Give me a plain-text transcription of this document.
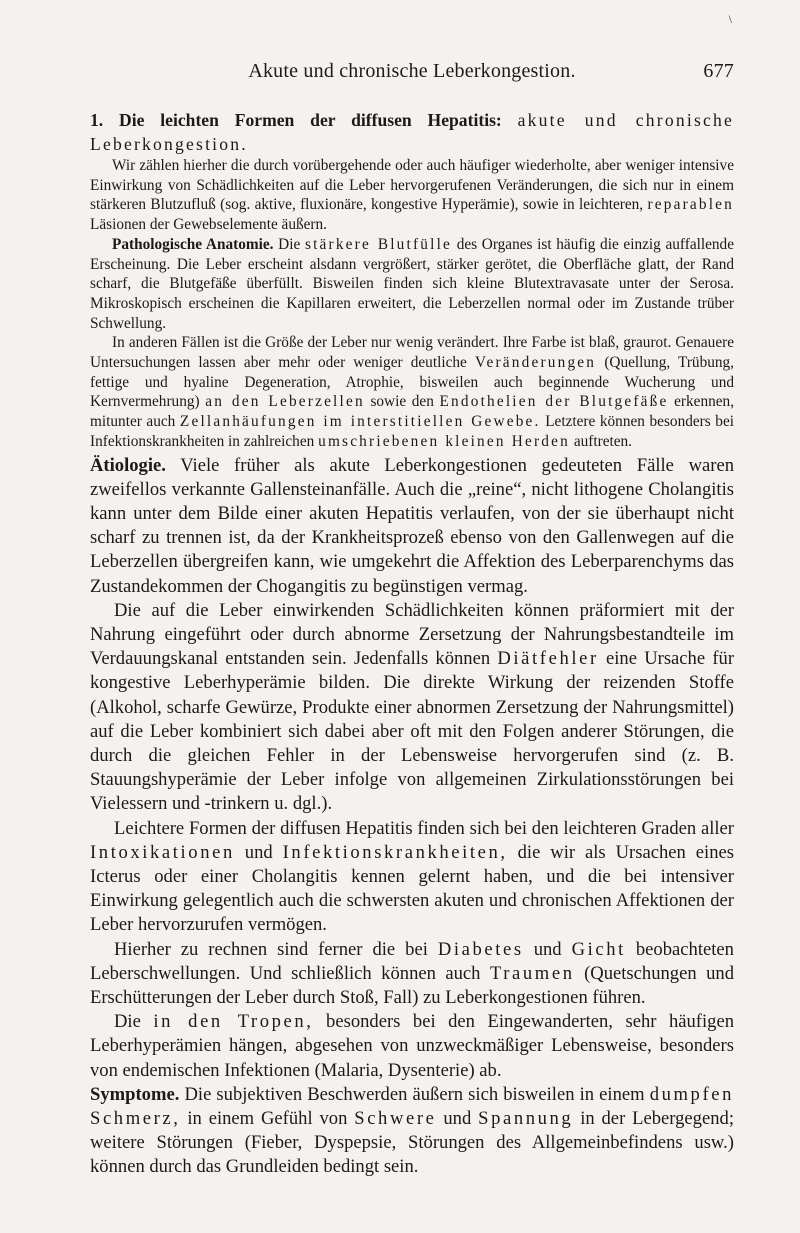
\
Akute und chronische Leberkongestion.	677

1. Die leichten Formen der diffusen Hepatitis: akute und chronische Leberkongestion.

Wir zählen hierher die durch vorübergehende oder auch häufiger wiederholte, aber weniger intensive Einwirkung von Schädlichkeiten auf die Leber hervorgerufenen Veränderungen, die sich nur in einem stärkeren Blutzufluß (sog. aktive, fluxionäre, kongestive Hyperämie), sowie in leichteren, reparablen Läsionen der Gewebselemente äußern.

Pathologische Anatomie. Die stärkere Blutfülle des Organes ist häufig die einzig auffallende Erscheinung. Die Leber erscheint alsdann vergrößert, stärker gerötet, die Oberfläche glatt, der Rand scharf, die Blutgefäße überfüllt. Bisweilen finden sich kleine Blutextravasate unter der Serosa. Mikroskopisch erscheinen die Kapillaren erweitert, die Leberzellen normal oder im Zustande trüber Schwellung.

In anderen Fällen ist die Größe der Leber nur wenig verändert. Ihre Farbe ist blaß, graurot. Genauere Untersuchungen lassen aber mehr oder weniger deutliche Veränderungen (Quellung, Trübung, fettige und hyaline Degeneration, Atrophie, bisweilen auch beginnende Wucherung und Kernvermehrung) an den Leberzellen sowie den Endothelien der Blutgefäße erkennen, mitunter auch Zellanhäufungen im interstitiellen Gewebe. Letztere können besonders bei Infektionskrankheiten in zahlreichen umschriebenen kleinen Herden auftreten.

Ätiologie. Viele früher als akute Leberkongestionen gedeuteten Fälle waren zweifellos verkannte Gallensteinanfälle. Auch die „reine“, nicht lithogene Cholangitis kann unter dem Bilde einer akuten Hepatitis verlaufen, von der sie überhaupt nicht scharf zu trennen ist, da der Krankheitsprozeß ebenso von den Gallenwegen auf die Leberzellen übergreifen kann, wie umgekehrt die Affektion des Leberparenchyms das Zustandekommen der Chogangitis zu begünstigen vermag.

Die auf die Leber einwirkenden Schädlichkeiten können präformiert mit der Nahrung eingeführt oder durch abnorme Zersetzung der Nahrungsbestandteile im Verdauungskanal entstanden sein. Jedenfalls können Diätfehler eine Ursache für kongestive Leberhyperämie bilden. Die direkte Wirkung der reizenden Stoffe (Alkohol, scharfe Gewürze, Produkte einer abnormen Zersetzung der Nahrungsmittel) auf die Leber kombiniert sich dabei aber oft mit den Folgen anderer Störungen, die durch die gleichen Fehler in der Lebensweise hervorgerufen sind (z. B. Stauungshyperämie der Leber infolge von allgemeinen Zirkulationsstörungen bei Vielessern und -trinkern u. dgl.).

Leichtere Formen der diffusen Hepatitis finden sich bei den leichteren Graden aller Intoxikationen und Infektionskrankheiten, die wir als Ursachen eines Icterus oder einer Cholangitis kennen gelernt haben, und die bei intensiver Einwirkung gelegentlich auch die schwersten akuten und chronischen Affektionen der Leber hervorzurufen vermögen.

Hierher zu rechnen sind ferner die bei Diabetes und Gicht beobachteten Leberschwellungen. Und schließlich können auch Traumen (Quetschungen und Erschütterungen der Leber durch Stoß, Fall) zu Leberkongestionen führen.

Die in den Tropen, besonders bei den Eingewanderten, sehr häufigen Leberhyperämien hängen, abgesehen von unzweckmäßiger Lebensweise, besonders von endemischen Infektionen (Malaria, Dysenterie) ab.

Symptome. Die subjektiven Beschwerden äußern sich bisweilen in einem dumpfen Schmerz, in einem Gefühl von Schwere und Spannung in der Lebergegend; weitere Störungen (Fieber, Dyspepsie, Störungen des Allgemeinbefindens usw.) können durch das Grundleiden bedingt sein.
